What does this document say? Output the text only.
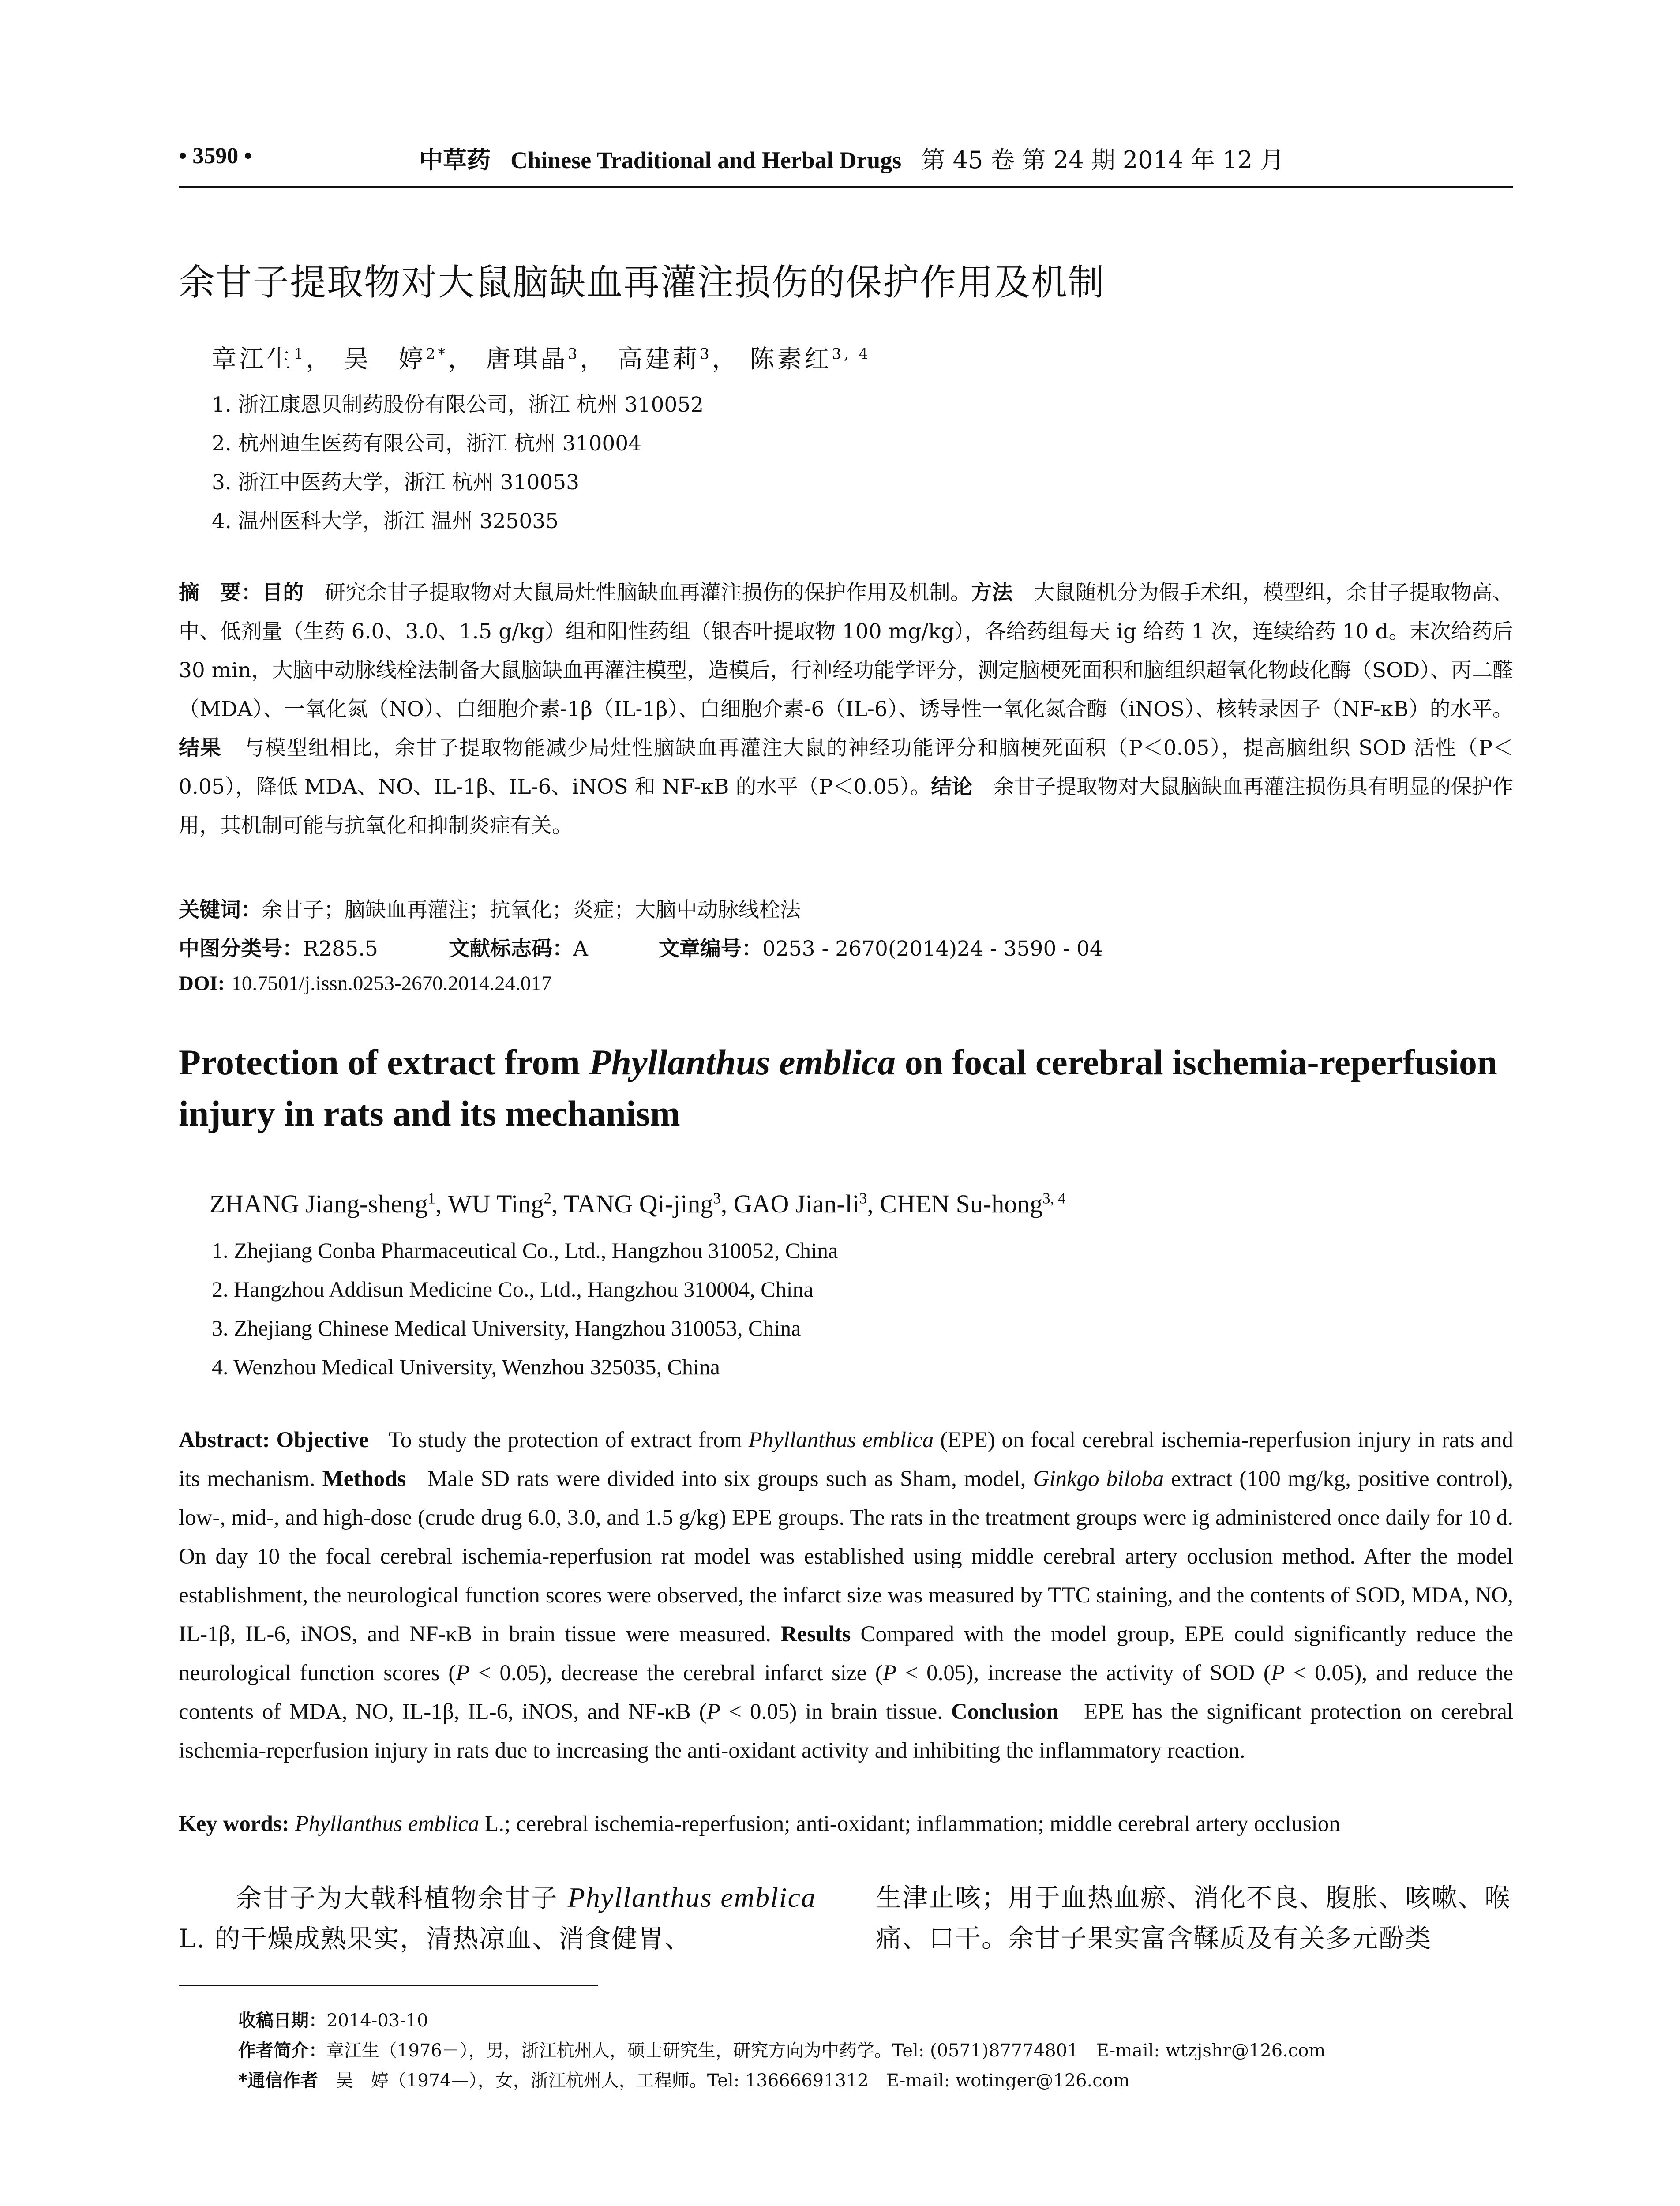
• 3590 •	中草药 Chinese Traditional and Herbal Drugs 第 45 卷 第 24 期 2014 年 12 月
余甘子提取物对大鼠脑缺血再灌注损伤的保护作用及机制
章江生$^1$， 吴　婷$^{2*}$， 唐琪晶$^3$， 高建莉$^3$， 陈素红$^{3, 4}$
1. 浙江康恩贝制药股份有限公司，浙江 杭州 310052
2. 杭州迪生医药有限公司，浙江 杭州 310004
3. 浙江中医药大学，浙江 杭州 310053
4. 温州医科大学，浙江 温州 325035
摘　要：目的　 研究余甘子提取物对大鼠局灶性脑缺血再灌注损伤的保护作用及机制。方法　 大鼠随机分为假手术组，模型组，余甘子提取物高、中、低剂量（生药 6.0、3.0、1.5 g/kg）组和阳性药组（银杏叶提取物 100 mg/kg），各给药组每天 ig 给药 1 次，连续给药 10 d。末次给药后 30 min，大脑中动脉线栓法制备大鼠脑缺血再灌注模型，造模后，行神经功能学评分，测定脑梗死面积和脑组织超氧化物歧化酶（SOD）、丙二醛（MDA）、一氧化氮（NO）、白细胞介素-1β（IL-1β）、白细胞介素-6（IL-6）、诱导性一氧化氮合酶（iNOS）、核转录因子（NF-κB）的水平。结果　 与模型组相比，余甘子提取物能减少局灶性脑缺血再灌注大鼠的神经功能评分和脑梗死面积（P＜0.05），提高脑组织 SOD 活性（P＜0.05），降低 MDA、NO、IL-1β、IL-6、iNOS 和 NF-κB 的水平（P＜0.05）。结论　 余甘子提取物对大鼠脑缺血再灌注损伤具有明显的保护作用，其机制可能与抗氧化和抑制炎症有关。
关键词：余甘子；脑缺血再灌注；抗氧化；炎症；大脑中动脉线栓法
中图分类号：R285.5	文献标志码：A	文章编号：0253 - 2670(2014)24 - 3590 - 04
DOI: 10.7501/j.issn.0253-2670.2014.24.017
Protection of extract from Phyllanthus emblica on focal cerebral ischemia-reperfusion injury in rats and its mechanism
ZHANG Jiang-sheng$^1$, WU Ting$^2$, TANG Qi-jing$^3$, GAO Jian-$li^3$, CHEN Su-hong$^{3, 4}$
1. Zhejiang Conba Pharmaceutical Co., Ltd., Hangzhou 310052, China
2. Hangzhou Addisun Medicine Co., Ltd., Hangzhou 310004, China
3. Zhejiang Chinese Medical University, Hangzhou 310053, China
4. Wenzhou Medical University, Wenzhou 325035, China
Abstract: Objective To study the protection of extract from Phyllanthus emblica (EPE) on focal cerebral ischemia-reperfusion injury in rats and its mechanism. Methods Male SD rats were divided into six groups such as Sham, model, Ginkgo biloba extract (100 mg/kg, positive control), low-, mid-, and high-dose (crude drug 6.0, 3.0, and 1.5 g/kg) EPE groups. The rats in the treatment groups were ig administered once daily for 10 d. On day 10 the focal cerebral ischemia-reperfusion rat model was established using middle cerebral artery occlusion method. After the model establishment, the neurological function scores were observed, the infarct size was measured by TTC staining, and the contents of SOD, MDA, NO, IL-1β, IL-6, iNOS, and NF-κB in brain tissue were measured. Results Compared with the model group, EPE could significantly reduce the neurological function scores (P < 0.05), decrease the cerebral infarct size (P < 0.05), increase the activity of SOD (P < 0.05), and reduce the contents of MDA, NO, IL-1β, IL-6, iNOS, and NF-κB (P < 0.05) in brain tissue. Conclusion EPE has the significant protection on cerebral ischemia-reperfusion injury in rats due to increasing the anti-oxidant activity and inhibiting the inflammatory reaction.
Key words: Phyllanthus emblica L.; cerebral ischemia-reperfusion; anti-oxidant; inflammation; middle cerebral artery occlusion
余甘子为大戟科植物余甘子 Phyllanthus emblica L. 的干燥成熟果实，清热凉血、消食健胃、
生津止咳；用于血热血瘀、消化不良、腹胀、咳嗽、喉痛、口干。余甘子果实富含鞣质及有关多元酚类
收稿日期：2014-03-10
作者简介：章江生（1976－），男，浙江杭州人，硕士研究生，研究方向为中药学。Tel: (0571)87774801　E-mail: wtzjshr@126.com
*通信作者　吴　婷（1974—），女，浙江杭州人，工程师。Tel: 13666691312　E-mail: wotinger@126.com
